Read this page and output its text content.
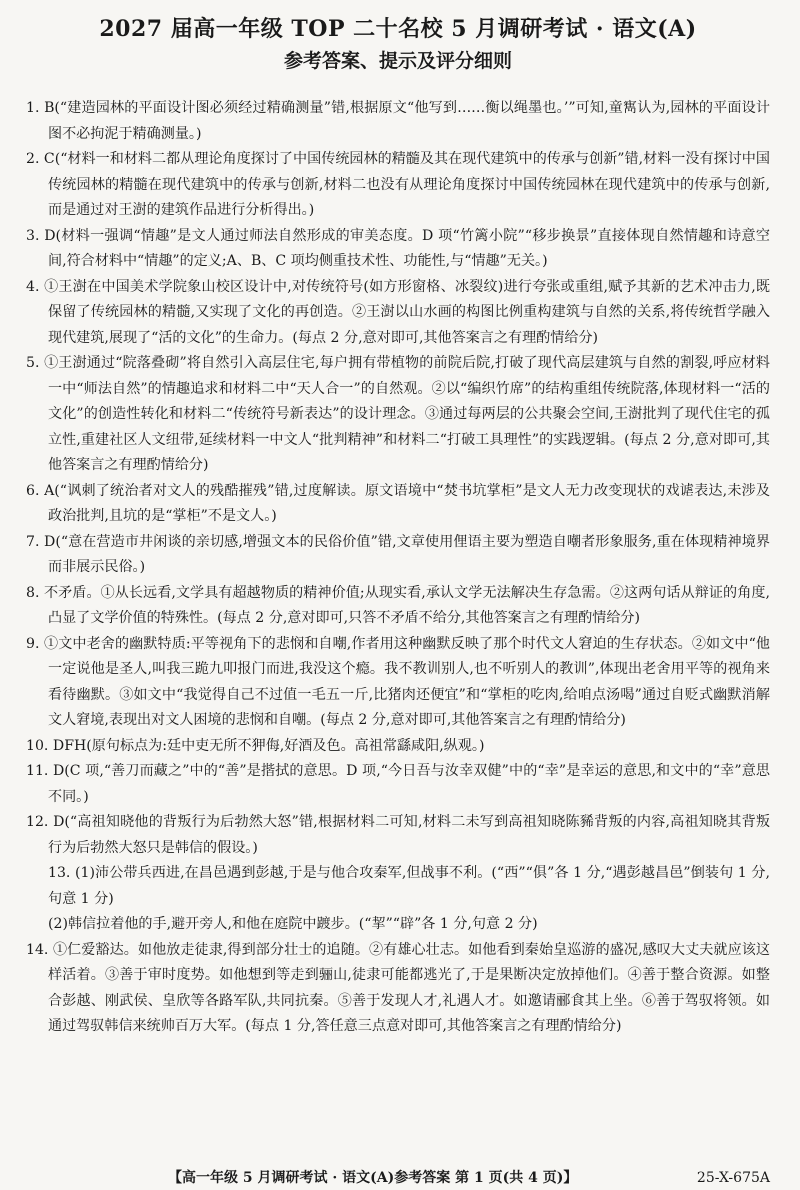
2027 届高一年级 TOP 二十名校 5 月调研考试 · 语文(A)
参考答案、提示及评分细则

1. B(“建造园林的平面设计图必须经过精确测量”错,根据原文“他写到……衡以绳墨也。’”可知,童寯认为,园林的平面设计图不必拘泥于精确测量。)

2. C(“材料一和材料二都从理论角度探讨了中国传统园林的精髓及其在现代建筑中的传承与创新”错,材料一没有探讨中国传统园林的精髓在现代建筑中的传承与创新,材料二也没有从理论角度探讨中国传统园林在现代建筑中的传承与创新,而是通过对王澍的建筑作品进行分析得出。)

3. D(材料一强调“情趣”是文人通过师法自然形成的审美态度。D 项“竹篱小院”“移步换景”直接体现自然情趣和诗意空间,符合材料中“情趣”的定义;A、B、C 项均侧重技术性、功能性,与“情趣”无关。)

4. ①王澍在中国美术学院象山校区设计中,对传统符号(如方形窗格、冰裂纹)进行夸张或重组,赋予其新的艺术冲击力,既保留了传统园林的精髓,又实现了文化的再创造。②王澍以山水画的构图比例重构建筑与自然的关系,将传统哲学融入现代建筑,展现了“活的文化”的生命力。(每点 2 分,意对即可,其他答案言之有理酌情给分)

5. ①王澍通过“院落叠砌”将自然引入高层住宅,每户拥有带植物的前院后院,打破了现代高层建筑与自然的割裂,呼应材料一中“师法自然”的情趣追求和材料二中“天人合一”的自然观。②以“编织竹席”的结构重组传统院落,体现材料一“活的文化”的创造性转化和材料二“传统符号新表达”的设计理念。③通过每两层的公共聚会空间,王澍批判了现代住宅的孤立性,重建社区人文纽带,延续材料一中文人“批判精神”和材料二“打破工具理性”的实践逻辑。(每点 2 分,意对即可,其他答案言之有理酌情给分)

6. A(“讽刺了统治者对文人的残酷摧残”错,过度解读。原文语境中“焚书坑掌柜”是文人无力改变现状的戏谑表达,未涉及政治批判,且坑的是“掌柜”不是文人。)

7. D(“意在营造市井闲谈的亲切感,增强文本的民俗价值”错,文章使用俚语主要为塑造自嘲者形象服务,重在体现精神境界而非展示民俗。)

8. 不矛盾。①从长远看,文学具有超越物质的精神价值;从现实看,承认文学无法解决生存急需。②这两句话从辩证的角度,凸显了文学价值的特殊性。(每点 2 分,意对即可,只答不矛盾不给分,其他答案言之有理酌情给分)

9. ①文中老舍的幽默特质:平等视角下的悲悯和自嘲,作者用这种幽默反映了那个时代文人窘迫的生存状态。②如文中“他一定说他是圣人,叫我三跪九叩报门而进,我没这个瘾。我不教训别人,也不听别人的教训”,体现出老舍用平等的视角来看待幽默。③如文中“我觉得自己不过值一毛五一斤,比猪肉还便宜”和“掌柜的吃肉,给咱点汤喝”通过自贬式幽默消解文人窘境,表现出对文人困境的悲悯和自嘲。(每点 2 分,意对即可,其他答案言之有理酌情给分)

10. DFH(原句标点为:廷中吏无所不狎侮,好酒及色。高祖常繇咸阳,纵观。)

11. D(C 项,“善刀而藏之”中的“善”是揩拭的意思。D 项,“今日吾与汝幸双健”中的“幸”是幸运的意思,和文中的“幸”意思不同。)

12. D(“高祖知晓他的背叛行为后勃然大怒”错,根据材料二可知,材料二未写到高祖知晓陈豨背叛的内容,高祖知晓其背叛行为后勃然大怒只是韩信的假设。)

13. (1)沛公带兵西进,在昌邑遇到彭越,于是与他合攻秦军,但战事不利。(“西”“俱”各 1 分,“遇彭越昌邑”倒装句 1 分,句意 1 分)
(2)韩信拉着他的手,避开旁人,和他在庭院中踱步。(“挈”“辟”各 1 分,句意 2 分)

14. ①仁爱豁达。如他放走徒隶,得到部分壮士的追随。②有雄心壮志。如他看到秦始皇巡游的盛况,感叹大丈夫就应该这样活着。③善于审时度势。如他想到等走到骊山,徒隶可能都逃光了,于是果断决定放掉他们。④善于整合资源。如整合彭越、刚武侯、皇欣等各路军队,共同抗秦。⑤善于发现人才,礼遇人才。如邀请郦食其上坐。⑥善于驾驭将领。如通过驾驭韩信来统帅百万大军。(每点 1 分,答任意三点意对即可,其他答案言之有理酌情给分)

【高一年级 5 月调研考试 · 语文(A)参考答案 第 1 页(共 4 页)】	25-X-675A
